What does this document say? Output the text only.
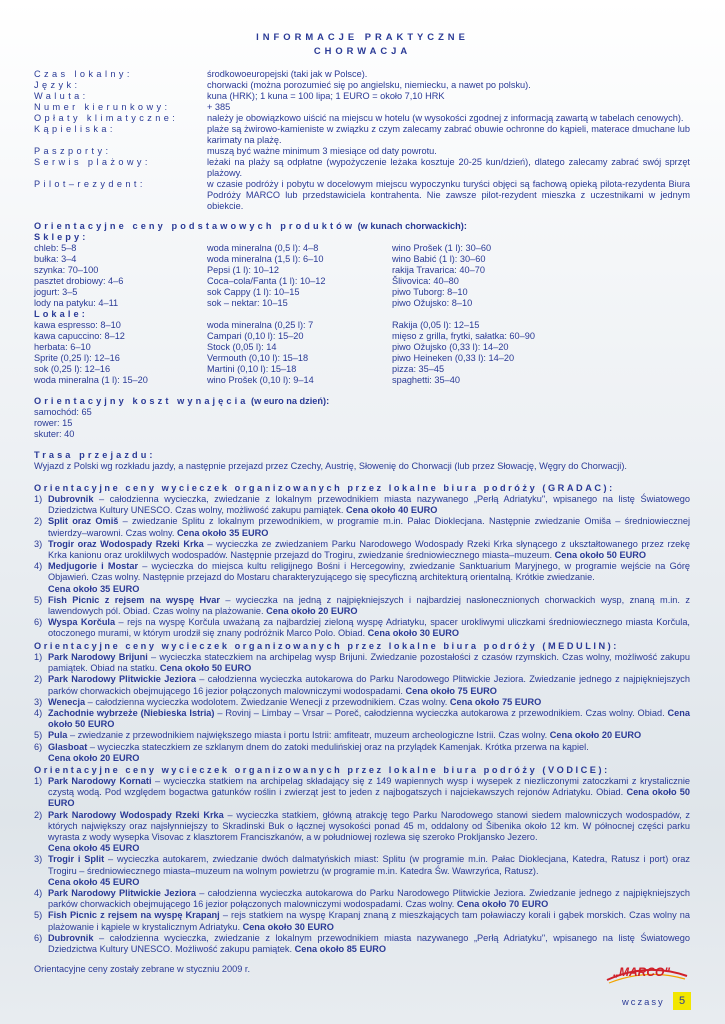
INFORMACJE PRAKTYCZNE
CHORWACJA
Czas lokalny:	środkowoeuropejski (taki jak w Polsce).
Język:	chorwacki (można porozumieć się po angielsku, niemiecku, a nawet po polsku).
Waluta:	kuna (HRK); 1 kuna = 100 lipa; 1 EURO = około 7,10 HRK
Numer kierunkowy:	+ 385
Opłaty klimatyczne:	należy je obowiązkowo uiścić na miejscu w hotelu (w wysokości zgodnej z informacją zawartą w tabelach cenowych).
Kąpieliska:	plaże są żwirowo-kamieniste w związku z czym zalecamy zabrać obuwie ochronne do kąpieli, materace dmuchane lub karimaty na plażę.
Paszporty:	muszą być ważne minimum 3 miesiące od daty powrotu.
Serwis plażowy:	leżaki na plaży są odpłatne (wypożyczenie leżaka kosztuje 20-25 kun/dzień), dlatego zalecamy zabrać swój sprzęt plażowy.
Pilot–rezydent:	w czasie podróży i pobytu w docelowym miejscu wypoczynku turyści objęci są fachową opieką pilota-rezydenta Biura Podróży MARCO lub przedstawiciela kontrahenta. Nie zawsze pilot-rezydent mieszka z uczestnikami w jednym obiekcie.
Orientacyjne ceny podstawowych produktów (w kunach chorwackich):
Sklepy:
chleb: 5–8	woda mineralna (0,5 l): 4–8	wino Prošek (1 l): 30–60
bułka: 3–4	woda mineralna (1,5 l): 6–10	wino Babić (1 l): 30–60
szynka: 70–100	Pepsi (1 l): 10–12	rakija Travarica: 40–70
pasztet drobiowy: 4–6	Coca–cola/Fanta (1 l): 10–12	Šlivovica: 40–80
jogurt: 3–5	sok Cappy (1 l): 10–15	piwo Tuborg: 8–10
lody na patyku: 4–11	sok – nektar: 10–15	piwo Ožujsko: 8–10
Lokale:
kawa espresso: 8–10	woda mineralna (0,25 l): 7	Rakija (0,05 l): 12–15
kawa capuccino: 8–12	Campari (0,10 l): 15–20	mięso z grilla, frytki, sałatka: 60–90
herbata: 6–10	Stock (0,05 l): 14	piwo Ožujsko (0,33 l): 14–20
Sprite (0,25 l): 12–16	Vermouth (0,10 l): 15–18	piwo Heineken (0,33 l): 14–20
sok (0,25 l): 12–16	Martini (0,10 l): 15–18	pizza: 35–45
woda mineralna (1 l): 15–20	wino Prošek (0,10 l): 9–14	spaghetti: 35–40
Orientacyjny koszt wynajęcia (w euro na dzień):
samochód: 65
rower: 15
skuter: 40
Trasa przejazdu:
Wyjazd z Polski wg rozkładu jazdy, a następnie przejazd przez Czechy, Austrię, Słowenię do Chorwacji (lub przez Słowację, Węgry do Chorwacji).
Orientacyjne ceny wycieczek organizowanych przez lokalne biura podróży (GRADAC):
1) Dubrovnik – całodzienna wycieczka, zwiedzanie z lokalnym przewodnikiem miasta nazywanego „Perłą Adriatyku", wpisanego na listę Światowego Dziedzictwa Kultury UNESCO. Czas wolny, możliwość zakupu pamiątek. Cena około 40 EURO
2) Split oraz Omiš – zwiedzanie Splitu z lokalnym przewodnikiem, w programie m.in. Pałac Dioklecjana. Następnie zwiedzanie Omiša – średniowiecznej twierdzy–warowni. Czas wolny. Cena około 35 EURO
3) Trogir oraz Wodospady Rzeki Krka – wycieczka ze zwiedzaniem Parku Narodowego Wodospady Rzeki Krka słynącego z ukształtowanego przez rzekę Krka kanionu oraz uroklilwych wodospadów. Następnie przejazd do Trogiru, zwiedzanie średniowiecznego miasta–muzeum. Cena około 50 EURO
4) Medjugorie i Mostar – wycieczka do miejsca kultu religijnego Bośni i Hercegowiny, zwiedzanie Sanktuarium Maryjnego, w programie wejście na Górę Objawień. Czas wolny. Następnie przejazd do Mostaru charakteryzującego się specyficzną architekturą orientalną. Krótkie zwiedzanie.
Cena około 35 EURO
5) Fish Picnic z rejsem na wyspę Hvar – wycieczka na jedną z najpiękniejszych i najbardziej nasłonecznionych chorwackich wysp, znaną m.in. z lawendowych pól. Obiad. Czas wolny na plażowanie. Cena około 20 EURO
6) Wyspa Korčula – rejs na wyspę Korčula uważaną za najbardziej zieloną wyspę Adriatyku, spacer urokliwymi uliczkami średniowiecznego miasta Korčula, otoczonego murami, w którym urodził się znany podróżnik Marco Polo. Obiad. Cena około 30 EURO
Orientacyjne ceny wycieczek organizowanych przez lokalne biura podróży (MEDULIN):
1) Park Narodowy Brijuni – wycieczka stateczkiem na archipelag wysp Brijuni. Zwiedzanie pozostałości z czasów rzymskich. Czas wolny, możliwość zakupu pamiątek. Obiad na statku. Cena około 50 EURO
2) Park Narodowy Plitwickie Jeziora – całodzienna wycieczka autokarowa do Parku Narodowego Plitwickie Jeziora. Zwiedzanie jednego z najpiękniejszych parków chorwackich obejmującego 16 jezior połączonych malowniczymi wodospadami. Cena około 75 EURO
3) Wenecja – całodzienna wycieczka wodolotem. Zwiedzanie Wenecji z przewodnikiem. Czas wolny. Cena około 75 EURO
4) Zachodnie wybrzeże (Niebieska Istria) – Rovinj – Limbay – Vrsar – Poreč, całodzienna wycieczka autokarowa z przewodnikiem. Czas wolny. Obiad. Cena około 50 EURO
5) Pula – zwiedzanie z przewodnikiem największego miasta i portu Istrii: amfiteatr, muzeum archeologiczne Istrii. Czas wolny. Cena około 20 EURO
6) Glasboat – wycieczka stateczkiem ze szklanym dnem do zatoki medulińskiej oraz na przylądek Kamenjak. Krótka przerwa na kąpiel.
Cena około 20 EURO
Orientacyjne ceny wycieczek organizowanych przez lokalne biura podróży (VODICE):
1) Park Narodowy Kornati – wycieczka statkiem na archipelag składający się z 149 wapiennych wysp i wysepek z niezliczonymi zatoczkami z krystalicznie czystą wodą. Pod względem bogactwa gatunków roślin i zwierząt jest to jeden z najbogatszych i najciekawszych rejonów Adriatyku. Obiad. Cena około 50 EURO
2) Park Narodowy Wodospady Rzeki Krka – wycieczka statkiem, główną atrakcję tego Parku Narodowego stanowi siedem malowniczych wodospadów, z których największy oraz najsłynniejszy to Skradinski Buk o łącznej wysokości ponad 45 m, oddalony od Šibenika około 12 km. W północnej części parku wyrasta z wody wysepka Visovac z klasztorem Franciszkanów, a w południowej rozlewa się szeroko Prokljansko Jezero.
Cena około 45 EURO
3) Trogir i Split – wycieczka autokarem, zwiedzanie dwóch dalmatyńskich miast: Splitu (w programie m.in. Pałac Dioklecjana, Katedra, Ratusz i port) oraz Trogiru – średniowiecznego miasta–muzeum na wolnym powietrzu (w programie m.in. Katedra Św. Wawrzyńca, Ratusz).
Cena około 45 EURO
4) Park Narodowy Plitwickie Jeziora – całodzienna wycieczka autokarowa do Parku Narodowego Plitwickie Jeziora. Zwiedzanie jednego z najpiękniejszych parków chorwackich obejmującego 16 jezior połączonych malowniczymi wodospadami. Czas wolny. Cena około 70 EURO
5) Fish Picnic z rejsem na wyspę Krapanj – rejs statkiem na wyspę Krapanj znaną z mieszkających tam poławiaczy korali i gąbek morskich. Czas wolny na plażowanie i kąpiele w krystalicznym Adriatyku. Cena około 30 EURO
6) Dubrovnik – całodzienna wycieczka, zwiedzanie z lokalnym przewodnikiem miasta nazywanego „Perłą Adriatyku", wpisanego na listę Światowego Dziedzictwa Kultury UNESCO. Możliwość zakupu pamiątek. Cena około 85 EURO
Orientacyjne ceny zostały zebrane w styczniu 2009 r.	„MARCO"
wczasy	5
